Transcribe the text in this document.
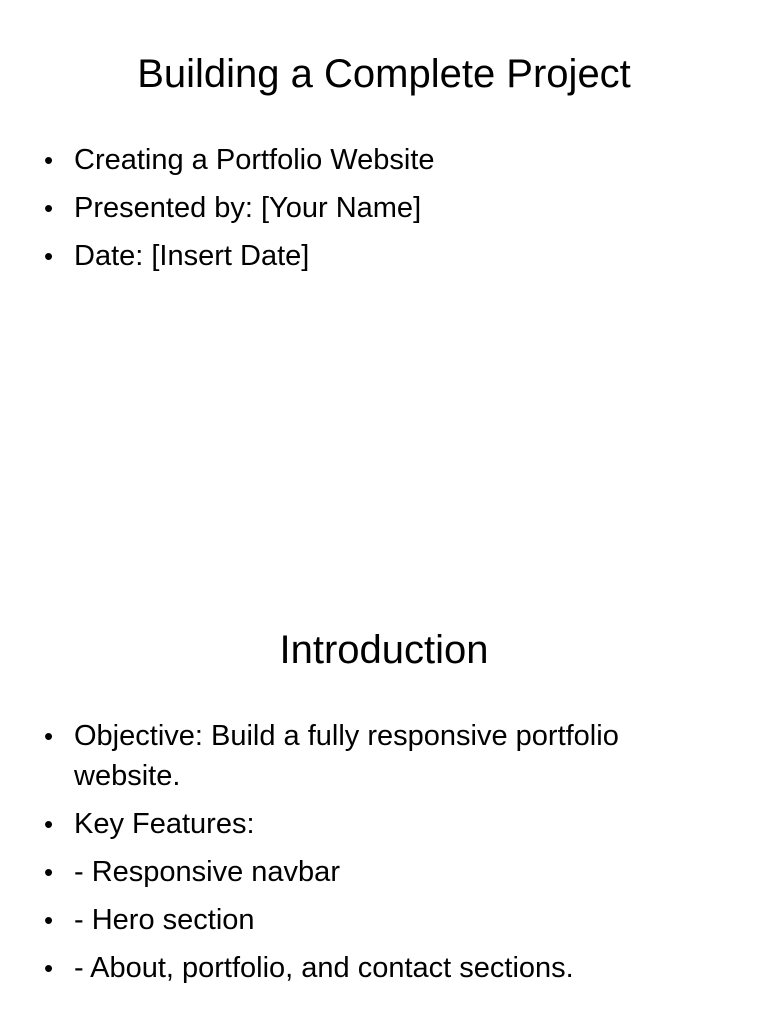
Building a Complete Project
• Creating a Portfolio Website
• Presented by: [Your Name]
• Date: [Insert Date]
Introduction
• Objective: Build a fully responsive portfolio website.
• Key Features:
• - Responsive navbar
• - Hero section
• - About, portfolio, and contact sections.
